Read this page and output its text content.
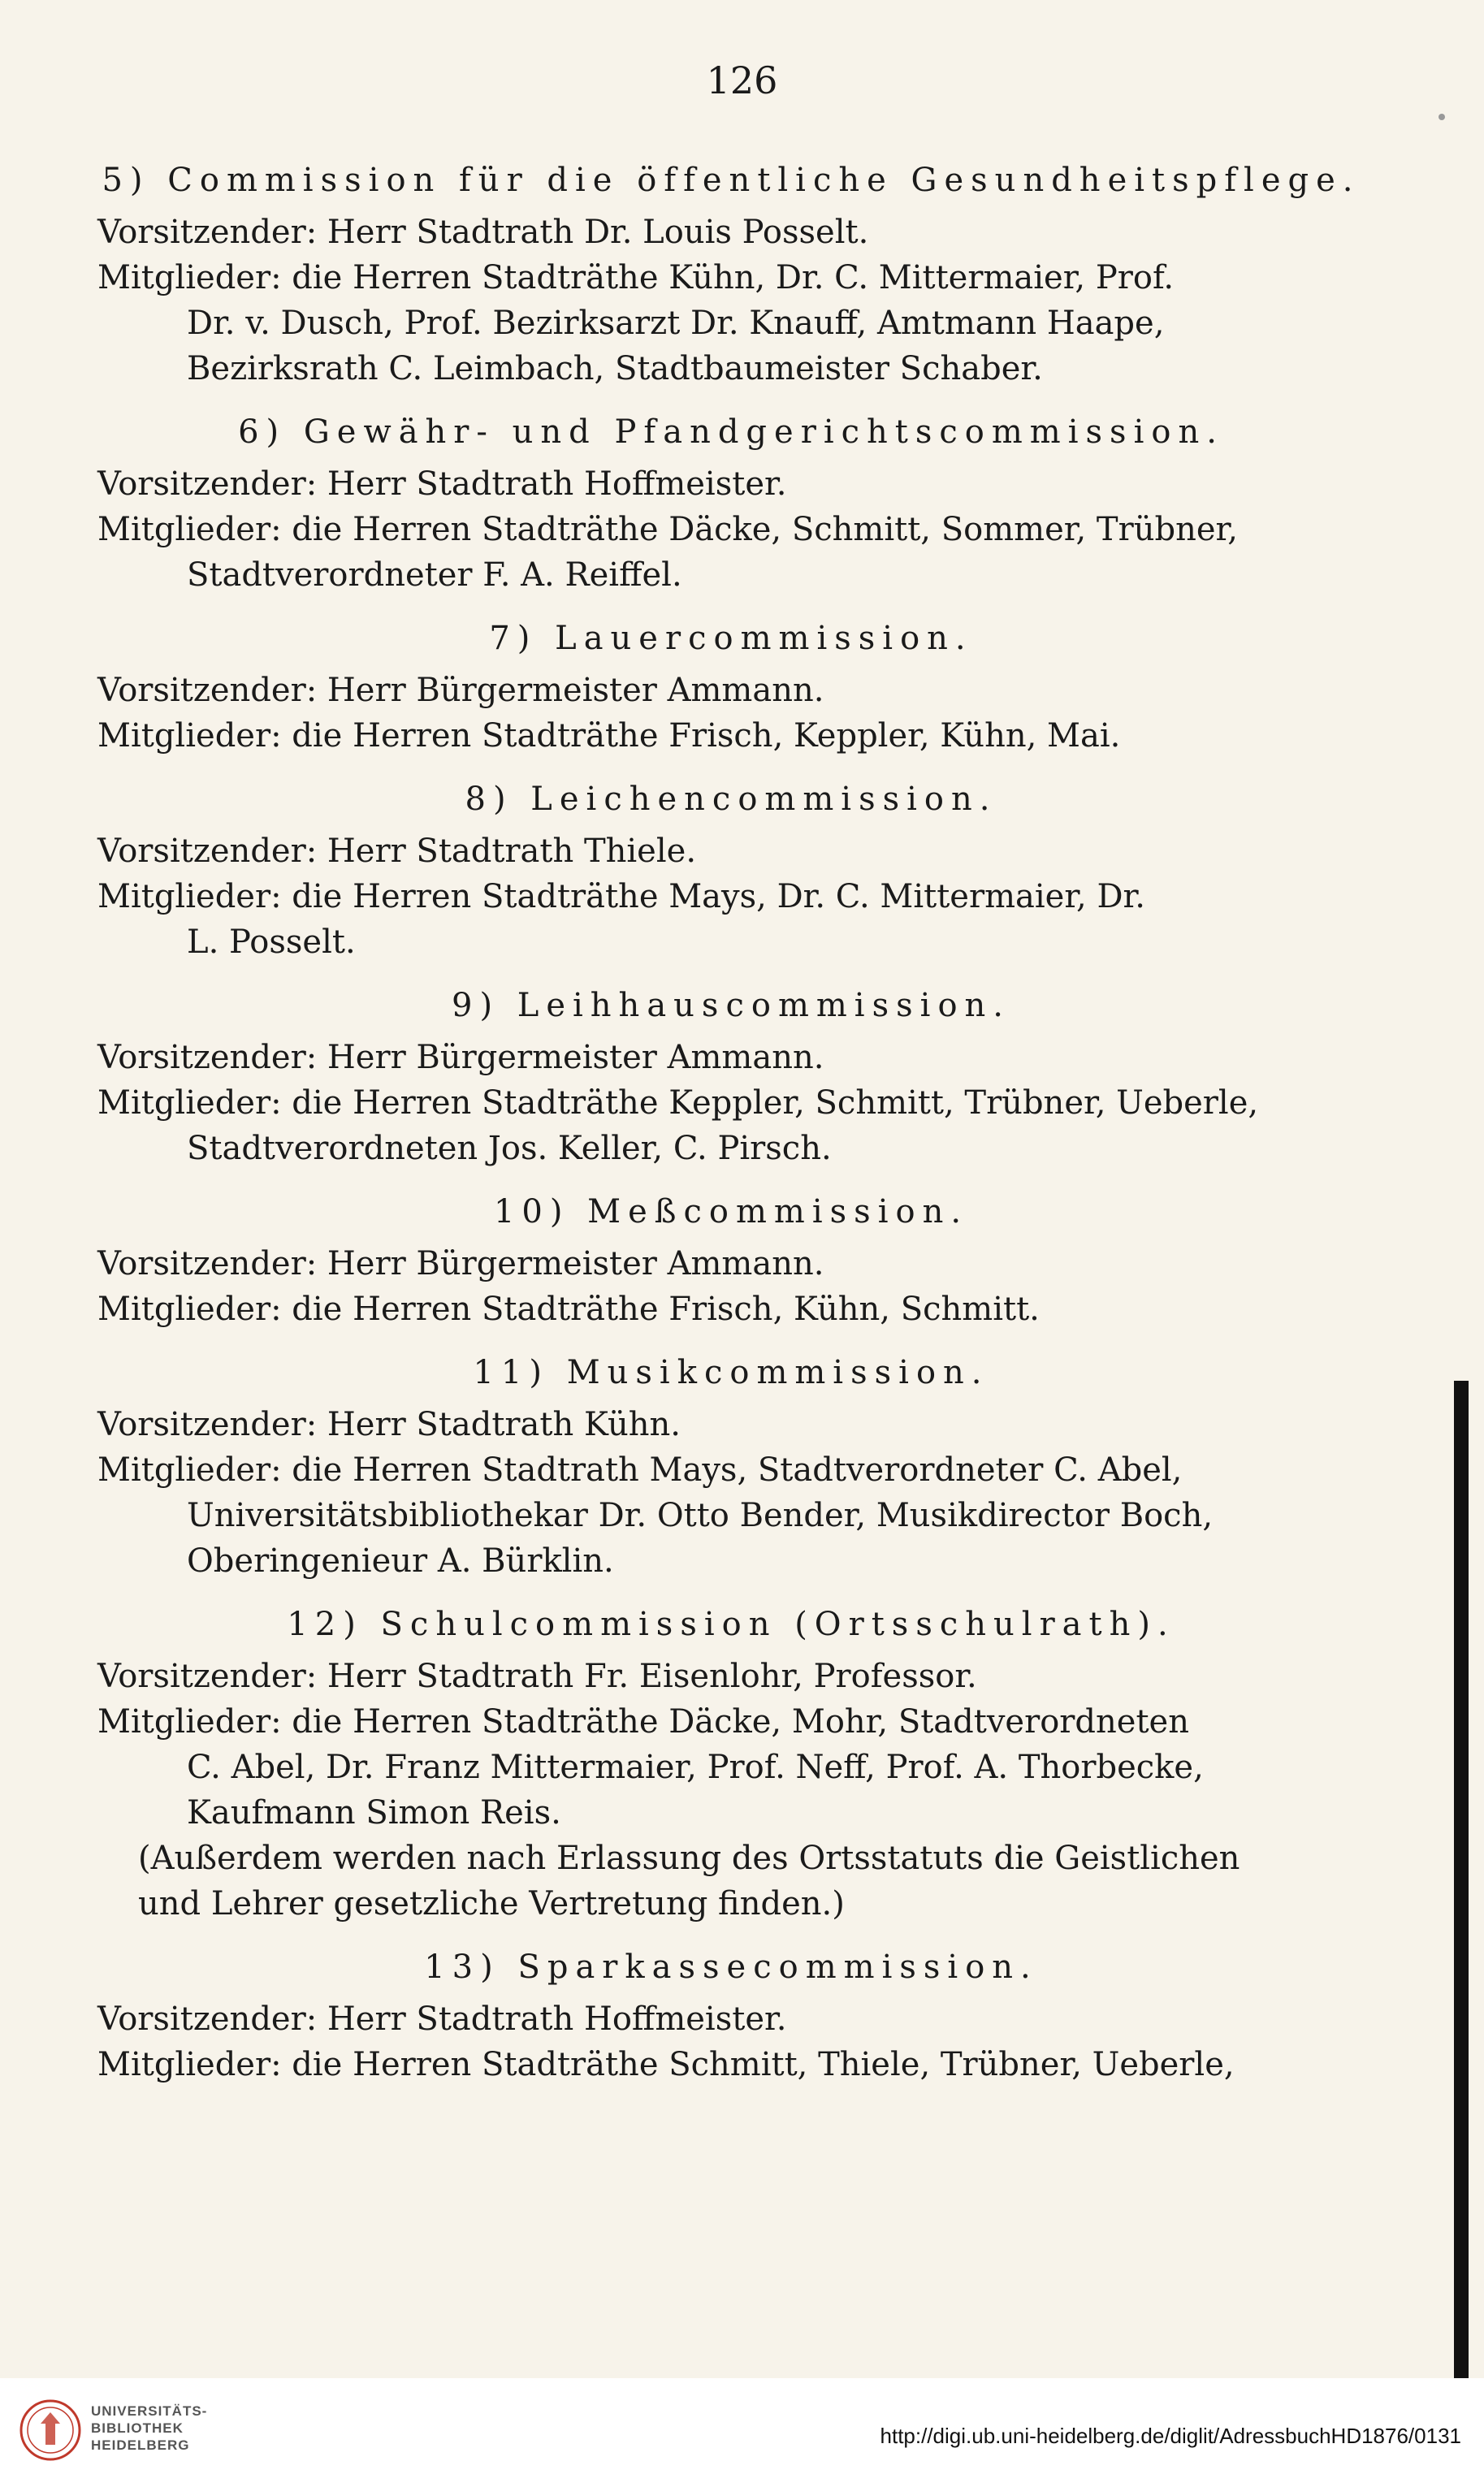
126
5) Commission für die öffentliche Gesundheitspflege.
Vorsitzender: Herr Stadtrath Dr. Louis Posselt.
Mitglieder: die Herren Stadträthe Kühn, Dr. C. Mittermaier, Prof.
Dr. v. Dusch, Prof. Bezirksarzt Dr. Knauff, Amtmann Haape,
Bezirksrath C. Leimbach, Stadtbaumeister Schaber.
6) Gewähr- und Pfandgerichtscommission.
Vorsitzender: Herr Stadtrath Hoffmeister.
Mitglieder: die Herren Stadträthe Däcke, Schmitt, Sommer, Trübner,
Stadtverordneter F. A. Reiffel.
7) Lauercommission.
Vorsitzender: Herr Bürgermeister Ammann.
Mitglieder: die Herren Stadträthe Frisch, Keppler, Kühn, Mai.
8) Leichencommission.
Vorsitzender: Herr Stadtrath Thiele.
Mitglieder: die Herren Stadträthe Mays, Dr. C. Mittermaier, Dr.
L. Posselt.
9) Leihhauscommission.
Vorsitzender: Herr Bürgermeister Ammann.
Mitglieder: die Herren Stadträthe Keppler, Schmitt, Trübner, Ueberle,
Stadtverordneten Jos. Keller, C. Pirsch.
10) Meßcommission.
Vorsitzender: Herr Bürgermeister Ammann.
Mitglieder: die Herren Stadträthe Frisch, Kühn, Schmitt.
11) Musikcommission.
Vorsitzender: Herr Stadtrath Kühn.
Mitglieder: die Herren Stadtrath Mays, Stadtverordneter C. Abel,
Universitätsbibliothekar Dr. Otto Bender, Musikdirector Boch,
Oberingenieur A. Bürklin.
12) Schulcommission (Ortsschulrath).
Vorsitzender: Herr Stadtrath Fr. Eisenlohr, Professor.
Mitglieder: die Herren Stadträthe Däcke, Mohr, Stadtverordneten
C. Abel, Dr. Franz Mittermaier, Prof. Neff, Prof. A. Thorbecke,
Kaufmann Simon Reis.
(Außerdem werden nach Erlassung des Ortsstatuts die Geistlichen
und Lehrer gesetzliche Vertretung finden.)
13) Sparkassecommission.
Vorsitzender: Herr Stadtrath Hoffmeister.
Mitglieder: die Herren Stadträthe Schmitt, Thiele, Trübner, Ueberle,
UNIVERSITÄTS-
BIBLIOTHEK
HEIDELBERG	http://digi.ub.uni-heidelberg.de/diglit/AdressbuchHD1876/0131
